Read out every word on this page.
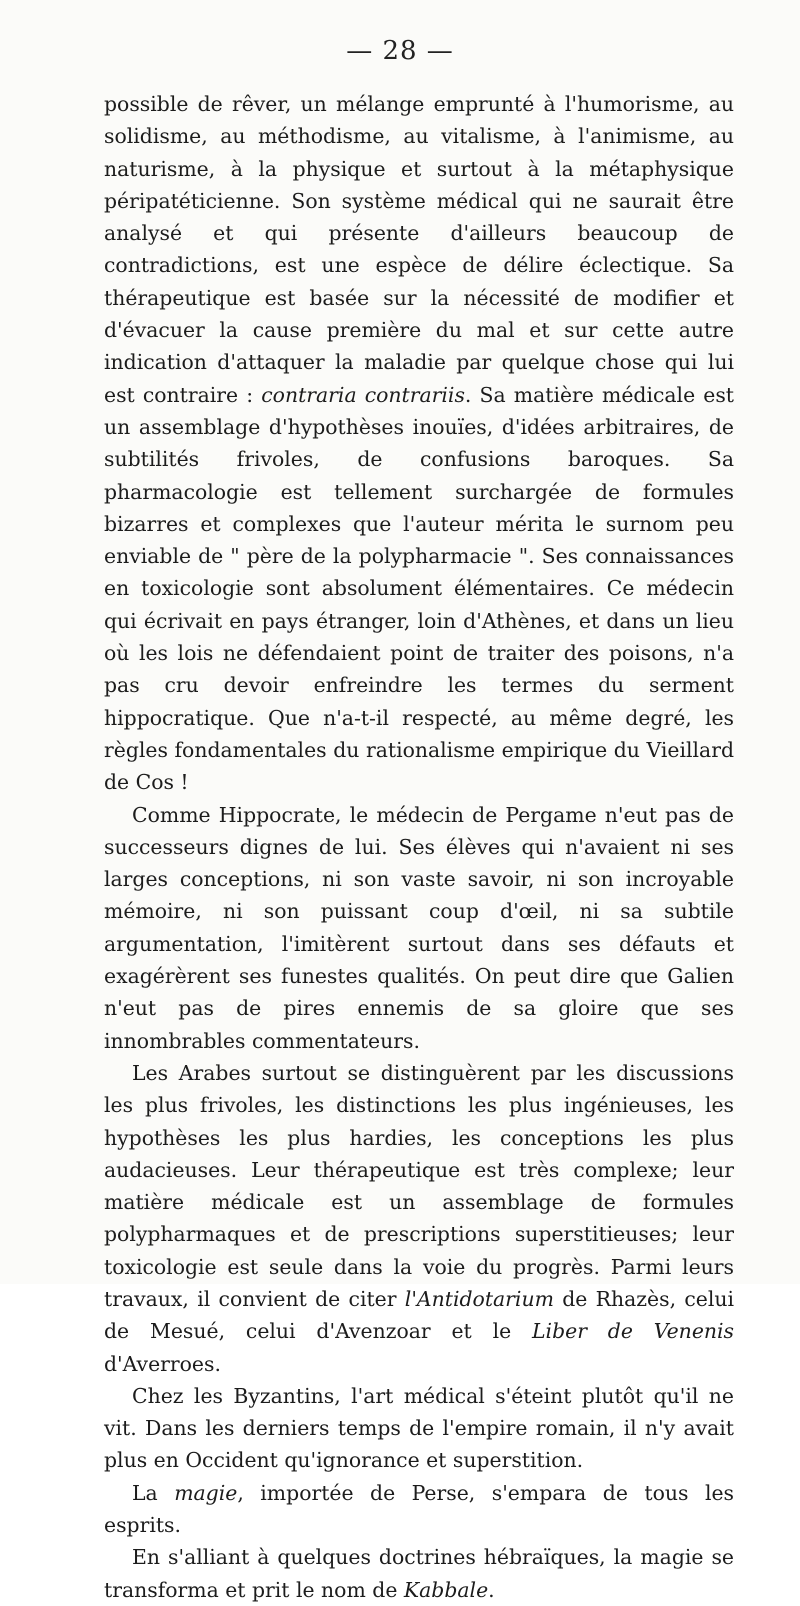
— 28 —

possible de rêver, un mélange emprunté à l'humorisme, au solidisme, au méthodisme, au vitalisme, à l'animisme, au naturisme, à la physique et surtout à la métaphysique péripatéticienne. Son système médical qui ne saurait être analysé et qui présente d'ailleurs beaucoup de contradictions, est une espèce de délire éclectique. Sa thérapeutique est basée sur la nécessité de modifier et d'évacuer la cause première du mal et sur cette autre indication d'attaquer la maladie par quelque chose qui lui est contraire : contraria contrariis. Sa matière médicale est un assemblage d'hypothèses inouïes, d'idées arbitraires, de subtilités frivoles, de confusions baroques. Sa pharmacologie est tellement surchargée de formules bizarres et complexes que l'auteur mérita le surnom peu enviable de " père de la polypharmacie ". Ses connaissances en toxicologie sont absolument élémentaires. Ce médecin qui écrivait en pays étranger, loin d'Athènes, et dans un lieu où les lois ne défendaient point de traiter des poisons, n'a pas cru devoir enfreindre les termes du serment hippocratique. Que n'a-t-il respecté, au même degré, les règles fondamentales du rationalisme empirique du Vieillard de Cos !

Comme Hippocrate, le médecin de Pergame n'eut pas de successeurs dignes de lui. Ses élèves qui n'avaient ni ses larges conceptions, ni son vaste savoir, ni son incroyable mémoire, ni son puissant coup d'œil, ni sa subtile argumentation, l'imitèrent surtout dans ses défauts et exagérèrent ses funestes qualités. On peut dire que Galien n'eut pas de pires ennemis de sa gloire que ses innombrables commentateurs.

Les Arabes surtout se distinguèrent par les discussions les plus frivoles, les distinctions les plus ingénieuses, les hypothèses les plus hardies, les conceptions les plus audacieuses. Leur thérapeutique est très complexe; leur matière médicale est un assemblage de formules polypharmaques et de prescriptions superstitieuses; leur toxicologie est seule dans la voie du progrès. Parmi leurs travaux, il convient de citer l'Antidotarium de Rhazès, celui de Mesué, celui d'Avenzoar et le Liber de Venenis d'Averroes.

Chez les Byzantins, l'art médical s'éteint plutôt qu'il ne vit. Dans les derniers temps de l'empire romain, il n'y avait plus en Occident qu'ignorance et superstition.

La magie, importée de Perse, s'empara de tous les esprits.

En s'alliant à quelques doctrines hébraïques, la magie se transforma et prit le nom de Kabbale.
